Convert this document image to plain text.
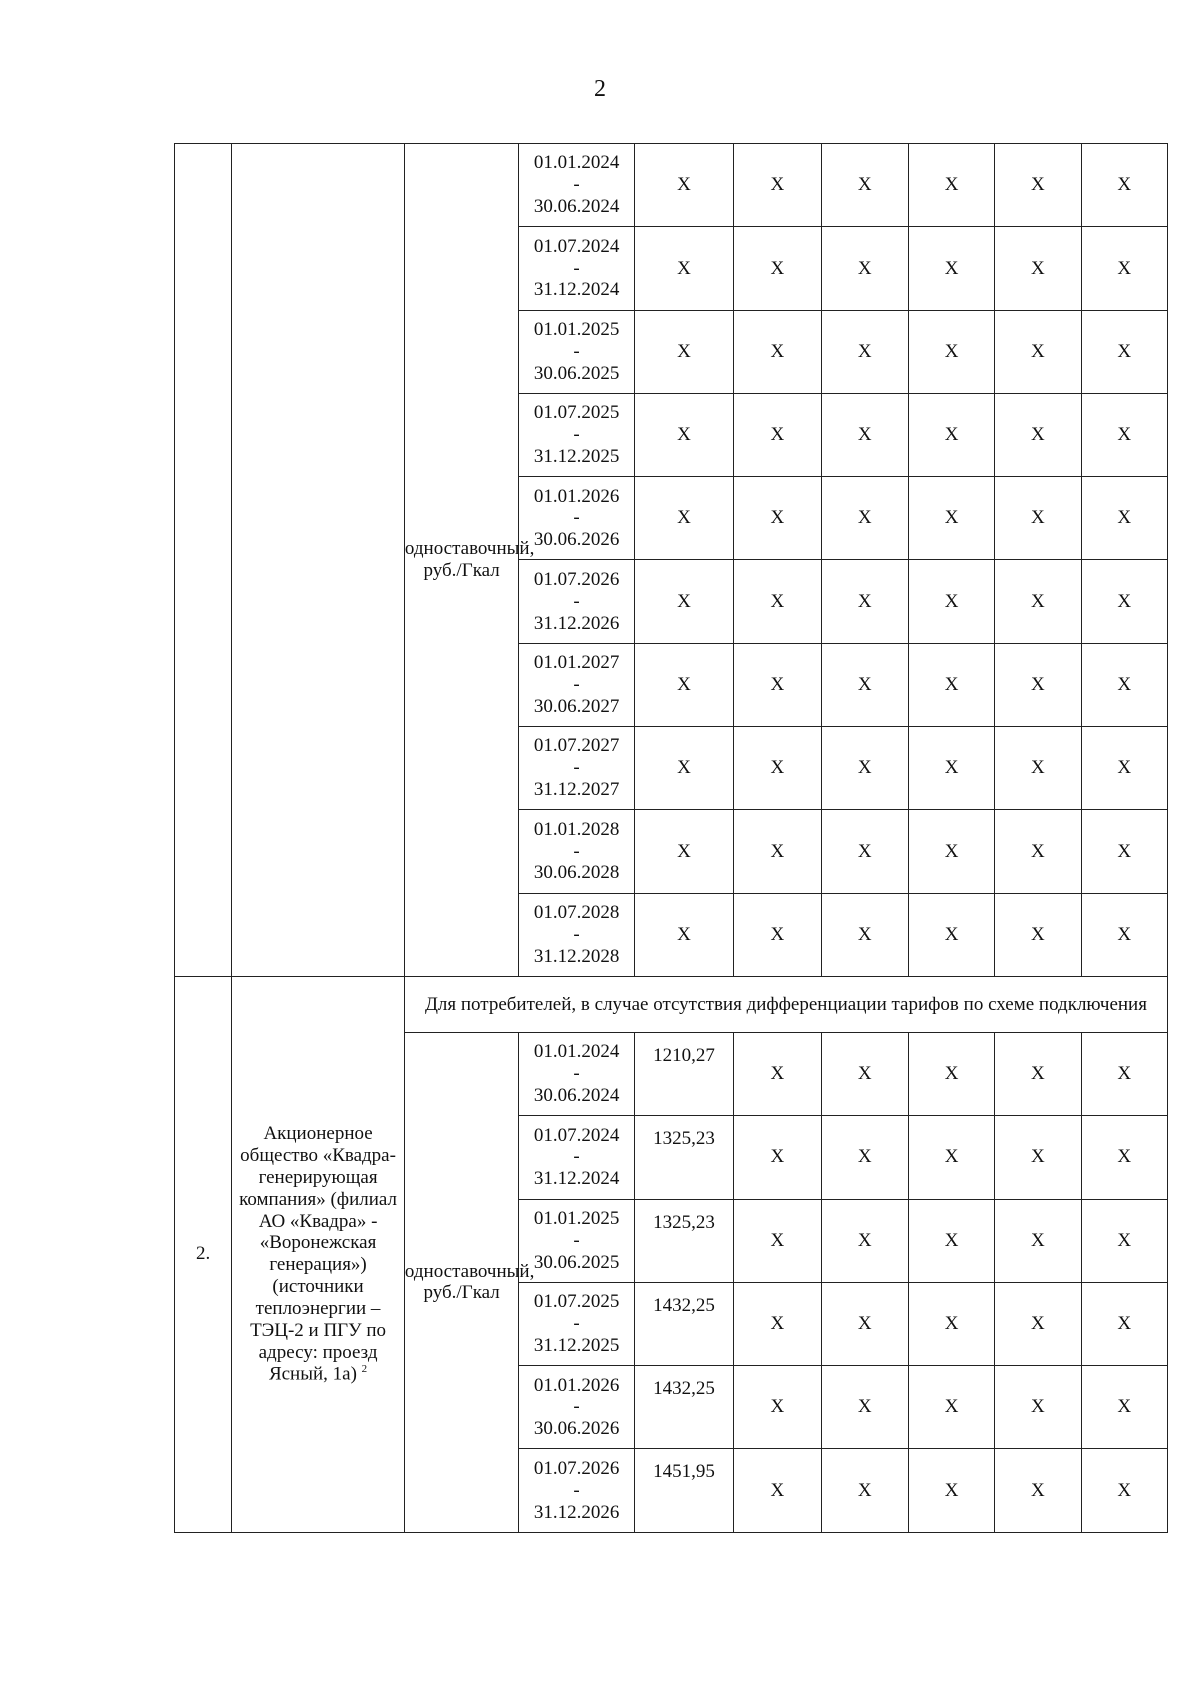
2
		одноставочный, руб./Гкал	01.01.2024
-
30.06.2024	Х	Х	Х	Х	Х	Х

			01.07.2024
-
31.12.2024	Х	Х	Х	Х	Х	Х

			01.01.2025
-
30.06.2025	Х	Х	Х	Х	Х	Х

			01.07.2025
-
31.12.2025	Х	Х	Х	Х	Х	Х

			01.01.2026
-
30.06.2026	Х	Х	Х	Х	Х	Х

			01.07.2026
-
31.12.2026	Х	Х	Х	Х	Х	Х

			01.01.2027
-
30.06.2027	Х	Х	Х	Х	Х	Х

			01.07.2027
-
31.12.2027	Х	Х	Х	Х	Х	Х

			01.01.2028
-
30.06.2028	Х	Х	Х	Х	Х	Х

			01.07.2028
-
31.12.2028	Х	Х	Х	Х	Х	Х
2.	Акционерное общество «Квадра-генерирующая компания» (филиал АО «Квадра» - «Воронежская генерация») (источники теплоэнергии – ТЭЦ-2 и ПГУ по адресу: проезд Ясный, 1а) $^2$	Для потребителей, в случае отсутствия дифференциации тарифов по схеме подключения							
		одноставочный, руб./Гкал	01.01.2024
-
30.06.2024	1210,27	Х	Х	Х	Х	Х

			01.07.2024
-
31.12.2024	1325,23	Х	Х	Х	Х	Х

			01.01.2025
-
30.06.2025	1325,23	Х	Х	Х	Х	Х

			01.07.2025
-
31.12.2025	1432,25	Х	Х	Х	Х	Х

			01.01.2026
-
30.06.2026	1432,25	Х	Х	Х	Х	Х

			01.07.2026
-
31.12.2026	1451,95	Х	Х	Х	Х	Х
